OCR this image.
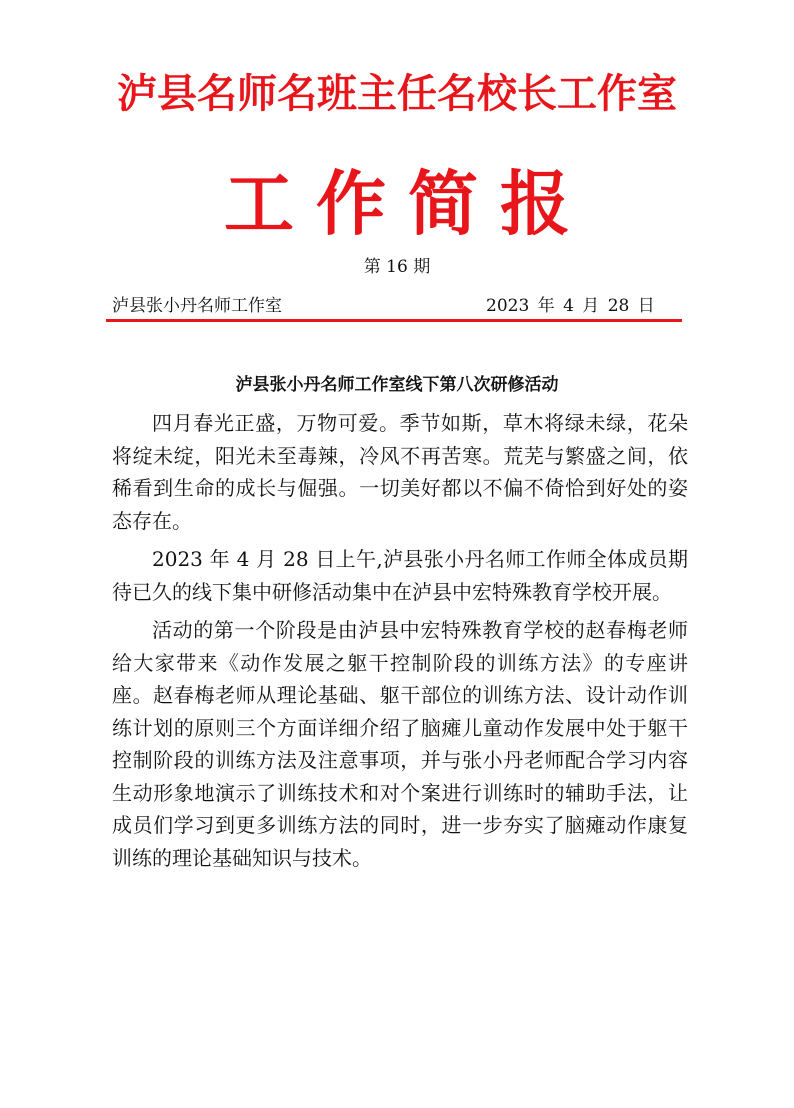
泸县名师名班主任名校长工作室
工作简报
第 16 期
泸县张小丹名师工作室	2023 年 4 月 28 日
泸县张小丹名师工作室线下第八次研修活动

四月春光正盛，万物可爱。季节如斯，草木将绿未绿，花朵将绽未绽，阳光未至毒辣，冷风不再苦寒。荒芜与繁盛之间，依稀看到生命的成长与倔强。一切美好都以不偏不倚恰到好处的姿态存在。

2023 年 4 月 28 日上午,泸县张小丹名师工作师全体成员期待已久的线下集中研修活动集中在泸县中宏特殊教育学校开展。

活动的第一个阶段是由泸县中宏特殊教育学校的赵春梅老师给大家带来《动作发展之躯干控制阶段的训练方法》的专座讲座。赵春梅老师从理论基础、躯干部位的训练方法、设计动作训练计划的原则三个方面详细介绍了脑瘫儿童动作发展中处于躯干控制阶段的训练方法及注意事项，并与张小丹老师配合学习内容生动形象地演示了训练技术和对个案进行训练时的辅助手法，让成员们学习到更多训练方法的同时，进一步夯实了脑瘫动作康复训练的理论基础知识与技术。
